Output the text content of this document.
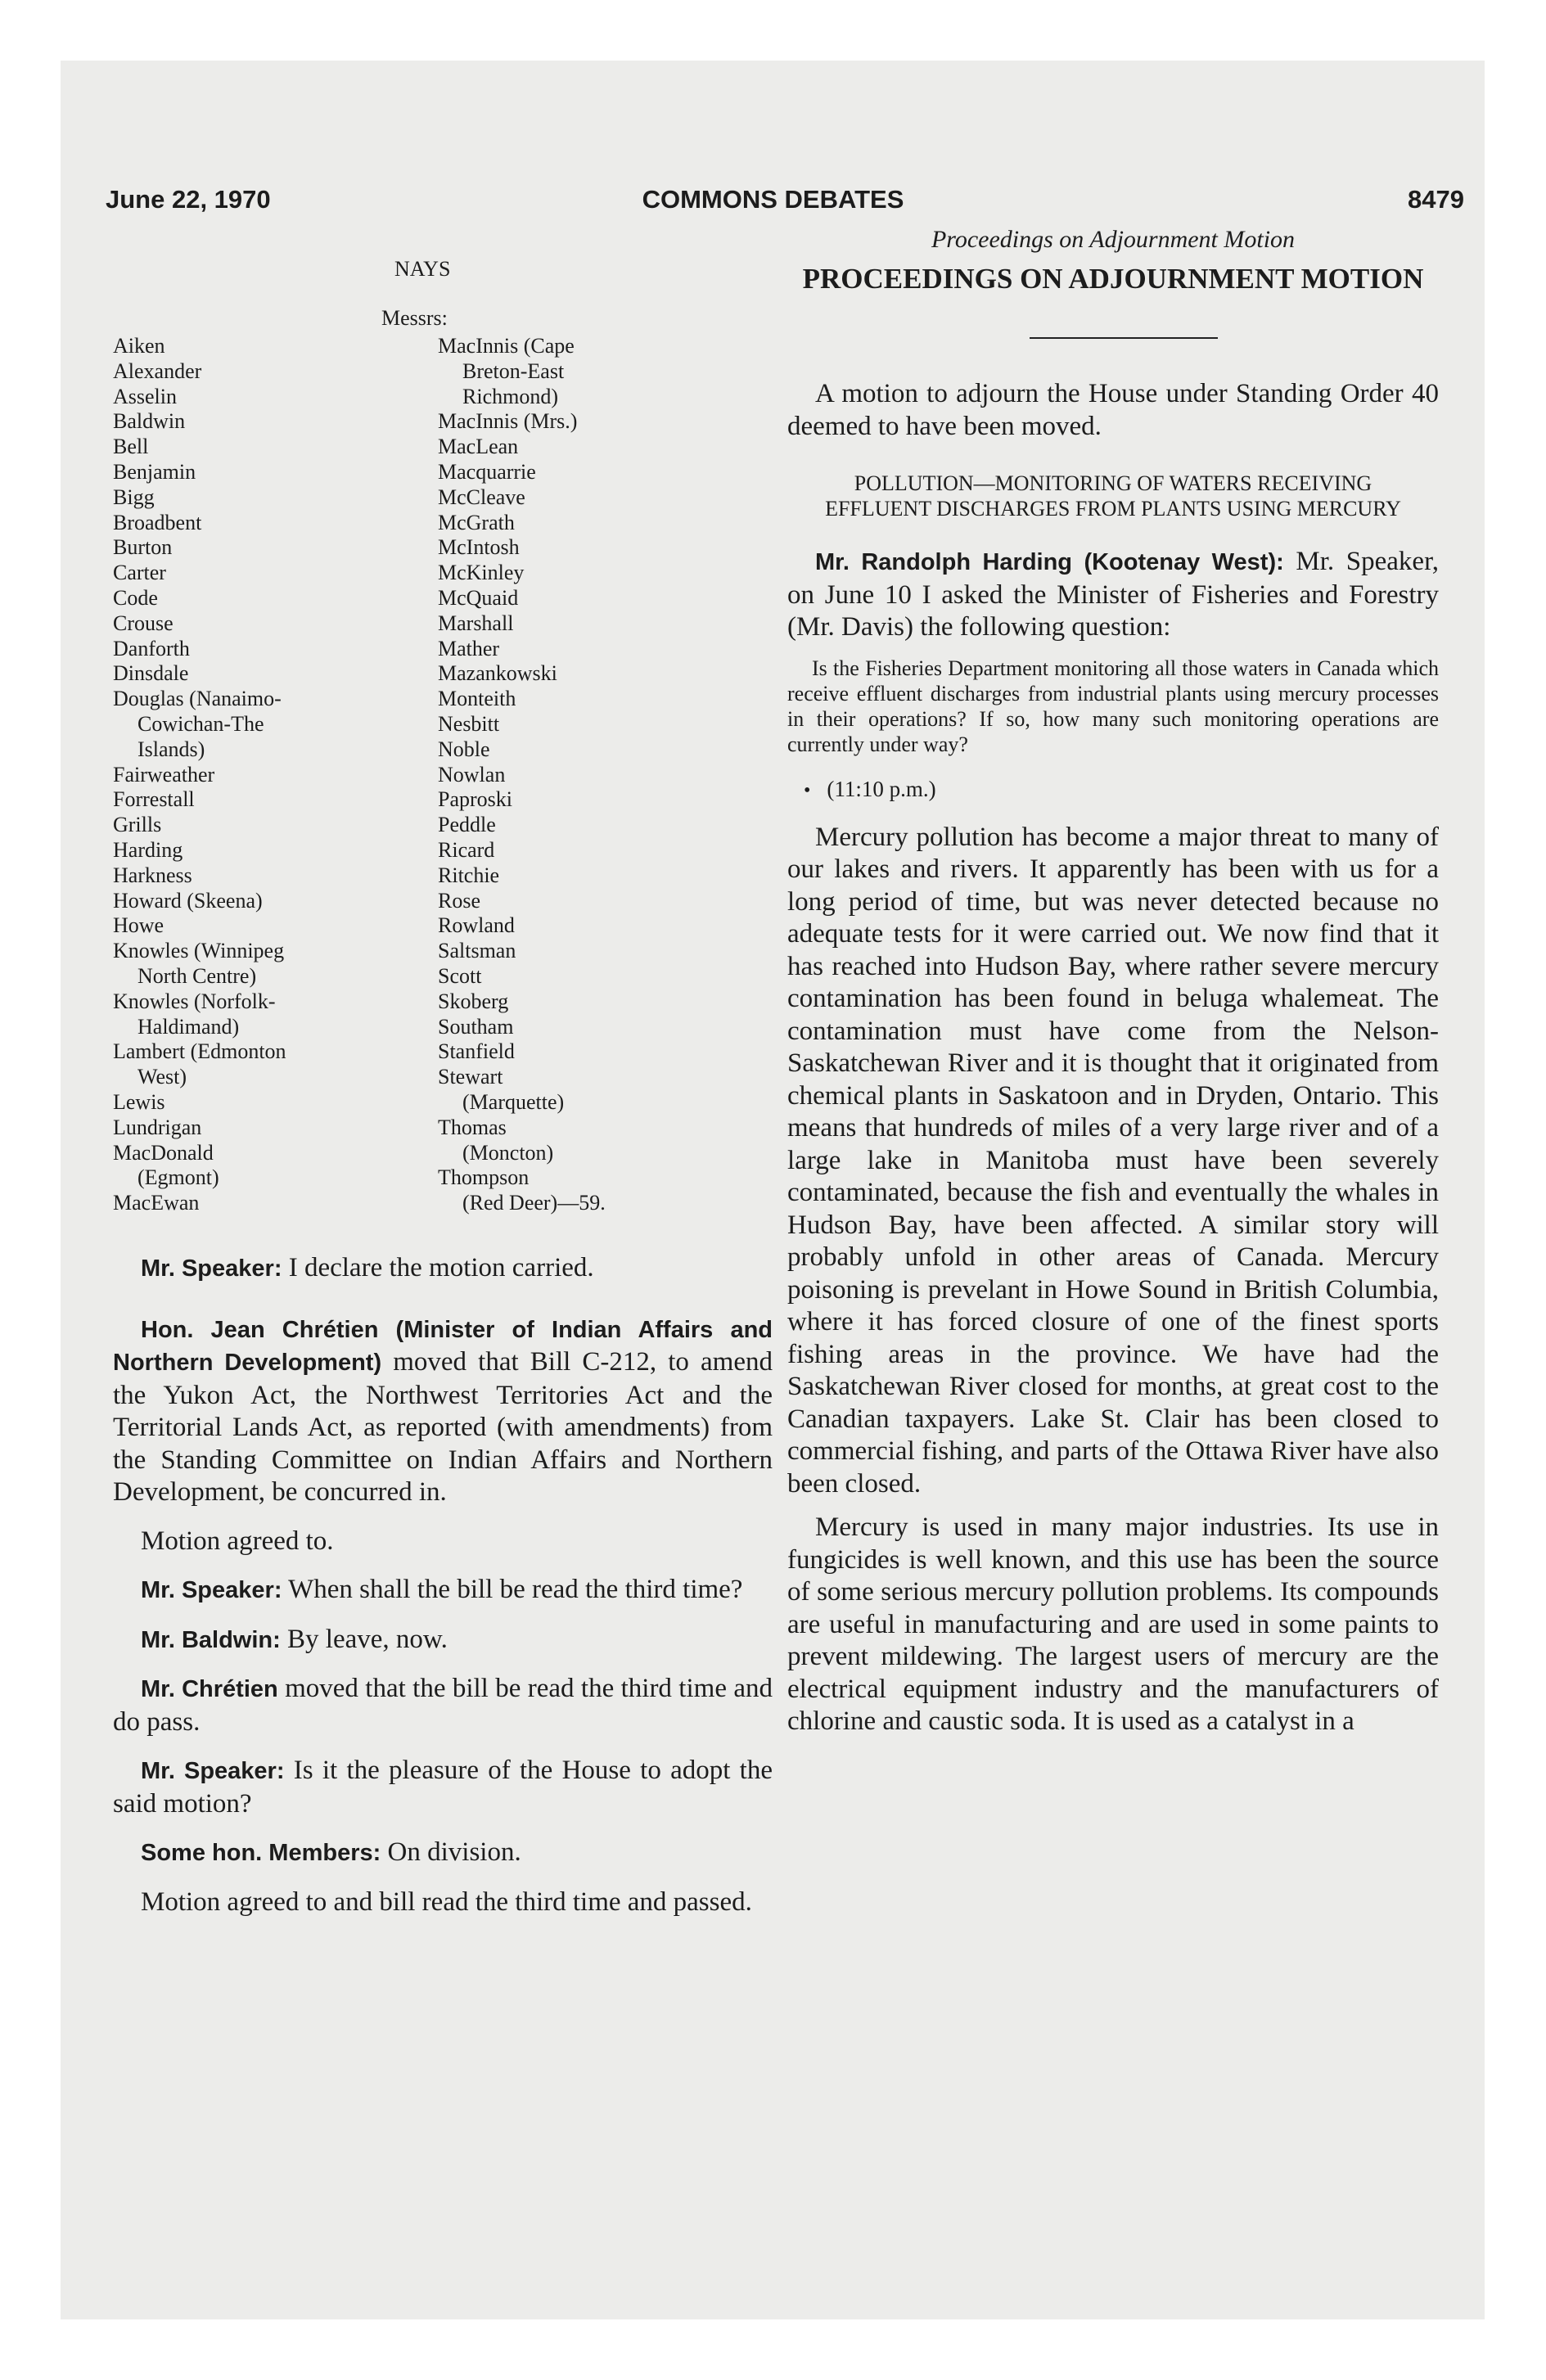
June 22, 1970	COMMONS DEBATES	8479
NAYS
Messrs:
Aiken
Alexander
Asselin
Baldwin
Bell
Benjamin
Bigg
Broadbent
Burton
Carter
Code
Crouse
Danforth
Dinsdale
Douglas (Nanaimo-
Cowichan-The
Islands)
Fairweather
Forrestall
Grills
Harding
Harkness
Howard (Skeena)
Howe
Knowles (Winnipeg
North Centre)
Knowles (Norfolk-
Haldimand)
Lambert (Edmonton
West)
Lewis
Lundrigan
MacDonald
(Egmont)
MacEwan
MacInnis (Cape
Breton-East
Richmond)
MacInnis (Mrs.)
MacLean
Macquarrie
McCleave
McGrath
McIntosh
McKinley
McQuaid
Marshall
Mather
Mazankowski
Monteith
Nesbitt
Noble
Nowlan
Paproski
Peddle
Ricard
Ritchie
Rose
Rowland
Saltsman
Scott
Skoberg
Southam
Stanfield
Stewart
(Marquette)
Thomas
(Moncton)
Thompson
(Red Deer)—59.

Mr. Speaker: I declare the motion carried.

Hon. Jean Chrétien (Minister of Indian Affairs and Northern Development) moved that Bill C-212, to amend the Yukon Act, the Northwest Territories Act and the Territorial Lands Act, as reported (with amendments) from the Standing Committee on Indian Affairs and Northern Development, be concurred in.

Motion agreed to.

Mr. Speaker: When shall the bill be read the third time?

Mr. Baldwin: By leave, now.

Mr. Chrétien moved that the bill be read the third time and do pass.

Mr. Speaker: Is it the pleasure of the House to adopt the said motion?

Some hon. Members: On division.

Motion agreed to and bill read the third time and passed.

Proceedings on Adjournment Motion
PROCEEDINGS ON ADJOURNMENT MOTION

A motion to adjourn the House under Standing Order 40 deemed to have been moved.

POLLUTION—MONITORING OF WATERS RECEIVING EFFLUENT DISCHARGES FROM PLANTS USING MERCURY

Mr. Randolph Harding (Kootenay West): Mr. Speaker, on June 10 I asked the Minister of Fisheries and Forestry (Mr. Davis) the following question:

Is the Fisheries Department monitoring all those waters in Canada which receive effluent discharges from industrial plants using mercury processes in their operations? If so, how many such monitoring operations are currently under way?

• (11:10 p.m.)

Mercury pollution has become a major threat to many of our lakes and rivers. It apparently has been with us for a long period of time, but was never detected because no adequate tests for it were carried out. We now find that it has reached into Hudson Bay, where rather severe mercury contamination has been found in beluga whalemeat. The contamination must have come from the Nelson-Saskatchewan River and it is thought that it originated from chemical plants in Saskatoon and in Dryden, Ontario. This means that hundreds of miles of a very large river and of a large lake in Manitoba must have been severely contaminated, because the fish and eventually the whales in Hudson Bay, have been affected. A similar story will probably unfold in other areas of Canada. Mercury poisoning is prevelant in Howe Sound in British Columbia, where it has forced closure of one of the finest sports fishing areas in the province. We have had the Saskatchewan River closed for months, at great cost to the Canadian taxpayers. Lake St. Clair has been closed to commercial fishing, and parts of the Ottawa River have also been closed.

Mercury is used in many major industries. Its use in fungicides is well known, and this use has been the source of some serious mercury pollution problems. Its compounds are useful in manufacturing and are used in some paints to prevent mildewing. The largest users of mercury are the electrical equipment industry and the manufacturers of chlorine and caustic soda. It is used as a catalyst in a
